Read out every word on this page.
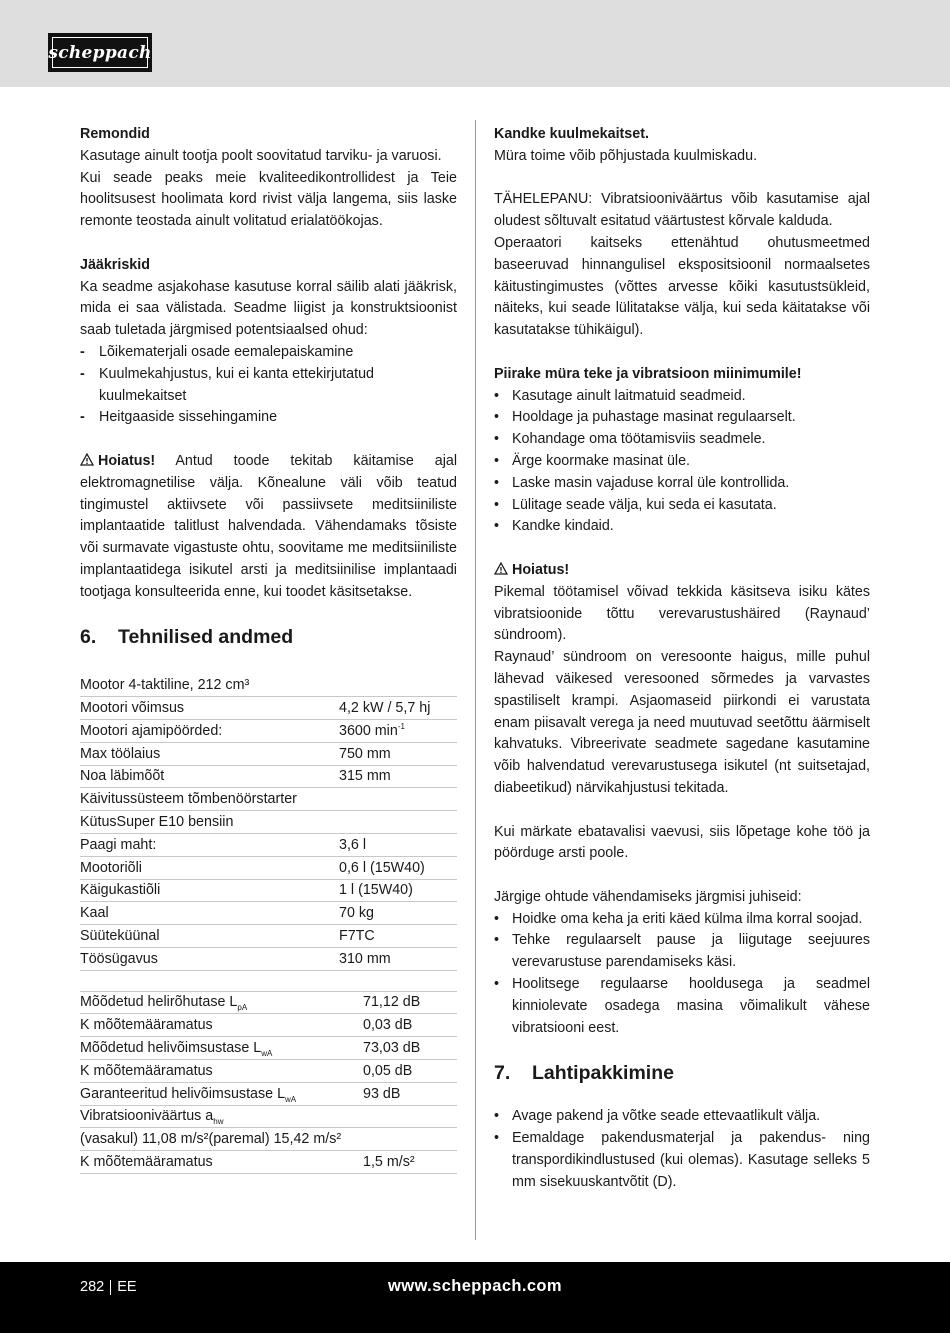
scheppach

Remondid

Kasutage ainult tootja poolt soovitatud tarviku- ja varuosi.

Kui seade peaks meie kvaliteedikontrollidest ja Teie hoolitsusest hoolimata kord rivist välja langema, siis laske remonte teostada ainult volitatud erialatöökojas.

Jääkriskid

Ka seadme asjakohase kasutuse korral säilib alati jääkrisk, mida ei saa välistada. Seadme liigist ja konstruktsioonist saab tuletada järgmised potentsiaalsed ohud:

- Lõikematerjali osade eemalepaiskamine
- Kuulmekahjustus, kui ei kanta ettekirjutatud kuulmekaitset
- Heitgaaside sissehingamine

Hoiatus! Antud toode tekitab käitamise ajal elektromagnetilise välja. Kõnealune väli võib teatud tingimustel aktiivsete või passiivsete meditsiiniliste implantaatide talitlust halvendada. Vähendamaks tõsiste või surmavate vigastuste ohtu, soovitame me meditsiiniliste implantaatidega isikutel arsti ja meditsiinilise implantaadi tootjaga konsulteerida enne, kui toodet käsitsetakse.

6. Tehnilised andmed
Mootor 4-taktiline, 212 cm³	
Mootori võimsus	4,2 kW / 5,7 hj
Mootori ajamipöörded:	3600 $\min^{-1}$
Max töölaius	750 mm
Noa läbimõõt	315 mm
Käivitussüsteem tõmbenöörstarter	
KütusSuper E10 bensiin	
Paagi maht:	3,6 l
Mootoriõli	0,6 l (15W40)
Käigukastiõli	1 l (15W40)
Kaal	70 kg
Süüteküünal	F7TC
Töösügavus	310 mm
Mõõdetud helirõhutase $L_{pA}$	71,12 dB
K mõõtemääramatus	0,03 dB
Mõõdetud helivõimsustase $L_{wA}$	73,03 dB
K mõõtemääramatus	0,05 dB
Garanteeritud helivõimsustase $L_{wA}$	93 dB
Vibratsiooniväärtus $a_{hw}$	
(vasakul) 11,08 m/s²(paremal) 15,42 m/s²	
K mõõtemääramatus	1,5 m/s²

Kandke kuulmekaitset.

Müra toime võib põhjustada kuulmiskadu.

TÄHELEPANU: Vibratsiooniväärtus võib kasutamise ajal oludest sõltuvalt esitatud väärtustest kõrvale kalduda.

Operaatori kaitseks ettenähtud ohutusmeetmed baseeruvad hinnangulisel ekspositsioonil normaalsetes käitustingimustes (võttes arvesse kõiki kasutustsükleid, näiteks, kui seade lülitatakse välja, kui seda käitatakse või kasutatakse tühikäigul).

Piirake müra teke ja vibratsioon miinimumile!

• Kasutage ainult laitmatuid seadmeid.
• Hooldage ja puhastage masinat regulaarselt.
• Kohandage oma töötamisviis seadmele.
• Ärge koormake masinat üle.
• Laske masin vajaduse korral üle kontrollida.
• Lülitage seade välja, kui seda ei kasutata.
• Kandke kindaid.

Hoiatus!

Pikemal töötamisel võivad tekkida käsitseva isiku kätes vibratsioonide tõttu verevarustushäired (Raynaud’ sündroom).

Raynaud’ sündroom on veresoonte haigus, mille puhul lähevad väikesed veresooned sõrmedes ja varvastes spastiliselt krampi. Asjaomaseid piirkondi ei varustata enam piisavalt verega ja need muutuvad seetõttu äärmiselt kahvatuks. Vibreerivate seadmete sagedane kasutamine võib halvendatud verevarustusega isikutel (nt suitsetajad, diabeetikud) närvikahjustusi tekitada.

Kui märkate ebatavalisi vaevusi, siis lõpetage kohe töö ja pöörduge arsti poole.

Järgige ohtude vähendamiseks järgmisi juhiseid:

• Hoidke oma keha ja eriti käed külma ilma korral soojad.
• Tehke regulaarselt pause ja liigutage seejuures verevarustuse parendamiseks käsi.
• Hoolitsege regulaarse hooldusega ja seadmel kinniolevate osadega masina võimalikult vähese vibratsiooni eest.
7. Lahtipakkimine
• Avage pakend ja võtke seade ettevaatlikult välja.
• Eemaldage pakendusmaterjal ja pakendus- ning transpordikindlustused (kui olemas). Kasutage selleks 5 mm sisekuuskantvõtit (D).
282 EE	www.scheppach.com
